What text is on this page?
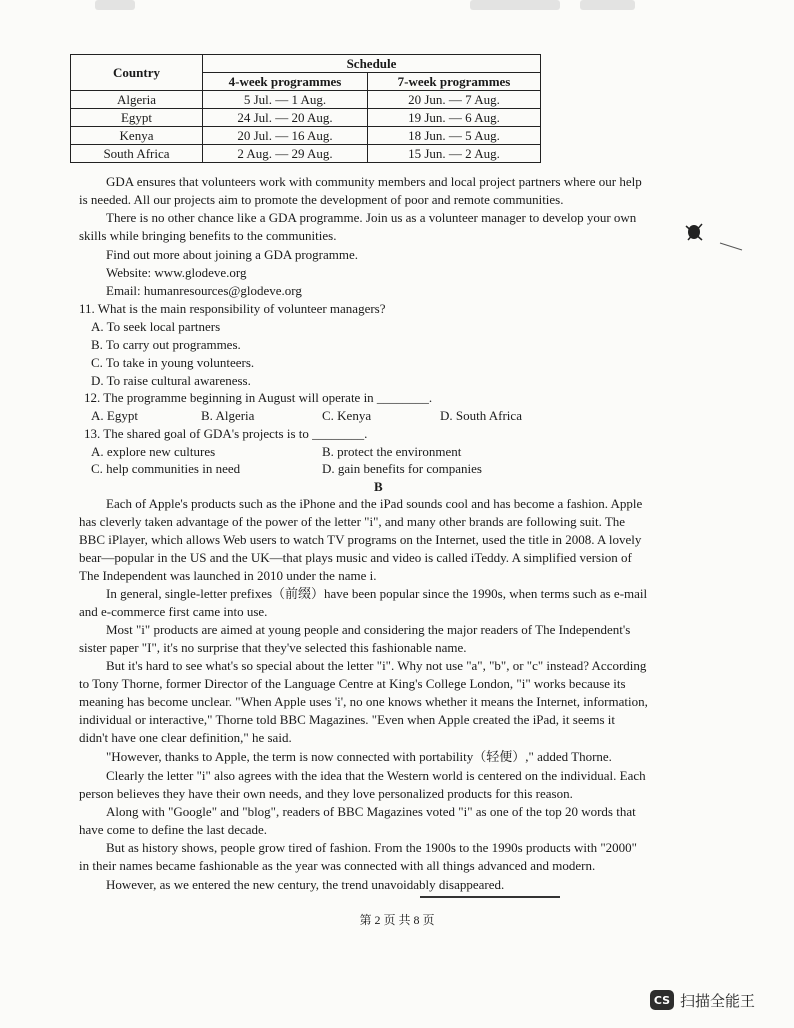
Country	Schedule	
	4-week programmes	7-week programmes
Algeria	5 Jul. — 1 Aug.	20 Jun. — 7 Aug.
Egypt	24 Jul. — 20 Aug.	19 Jun. — 6 Aug.
Kenya	20 Jul. — 16 Aug.	18 Jun. — 5 Aug.
South Africa	2 Aug. — 29 Aug.	15 Jun. — 2 Aug.
GDA ensures that volunteers work with community members and local project partners where our help
is needed. All our projects aim to promote the development of poor and remote communities.
There is no other chance like a GDA programme. Join us as a volunteer manager to develop your own
skills while bringing benefits to the communities.
Find out more about joining a GDA programme.
Website: www.glodeve.org
Email: humanresources@glodeve.org
11. What is the main responsibility of volunteer managers?
A. To seek local partners
B. To carry out programmes.
C. To take in young volunteers.
D. To raise cultural awareness.
12. The programme beginning in August will operate in ________.
A. Egypt	B. Algeria	C. Kenya	D. South Africa
13. The shared goal of GDA's projects is to ________.
A. explore new cultures	B. protect the environment
C. help communities in need	D. gain benefits for companies
B
Each of Apple's products such as the iPhone and the iPad sounds cool and has become a fashion. Apple
has cleverly taken advantage of the power of the letter "i", and many other brands are following suit. The
BBC iPlayer, which allows Web users to watch TV programs on the Internet, used the title in 2008. A lovely
bear—popular in the US and the UK—that plays music and video is called iTeddy. A simplified version of
The Independent was launched in 2010 under the name i.
In general, single-letter prefixes（前缀）have been popular since the 1990s, when terms such as e-mail
and e-commerce first came into use.
Most "i" products are aimed at young people and considering the major readers of The Independent's
sister paper "I", it's no surprise that they've selected this fashionable name.
But it's hard to see what's so special about the letter "i". Why not use "a", "b", or "c" instead? According
to Tony Thorne, former Director of the Language Centre at King's College London, "i" works because its
meaning has become unclear. "When Apple uses 'i', no one knows whether it means the Internet, information,
individual or interactive," Thorne told BBC Magazines. "Even when Apple created the iPad, it seems it
didn't have one clear definition," he said.
"However, thanks to Apple, the term is now connected with portability（轻便）," added Thorne.
Clearly the letter "i" also agrees with the idea that the Western world is centered on the individual. Each
person believes they have their own needs, and they love personalized products for this reason.
Along with "Google" and "blog", readers of BBC Magazines voted "i" as one of the top 20 words that
have come to define the last decade.
But as history shows, people grow tired of fashion. From the 1900s to the 1990s products with "2000"
in their names became fashionable as the year was connected with all things advanced and modern.
However, as we entered the new century, the trend unavoidably disappeared.
第 2 页 共 8 页
CS 扫描全能王
